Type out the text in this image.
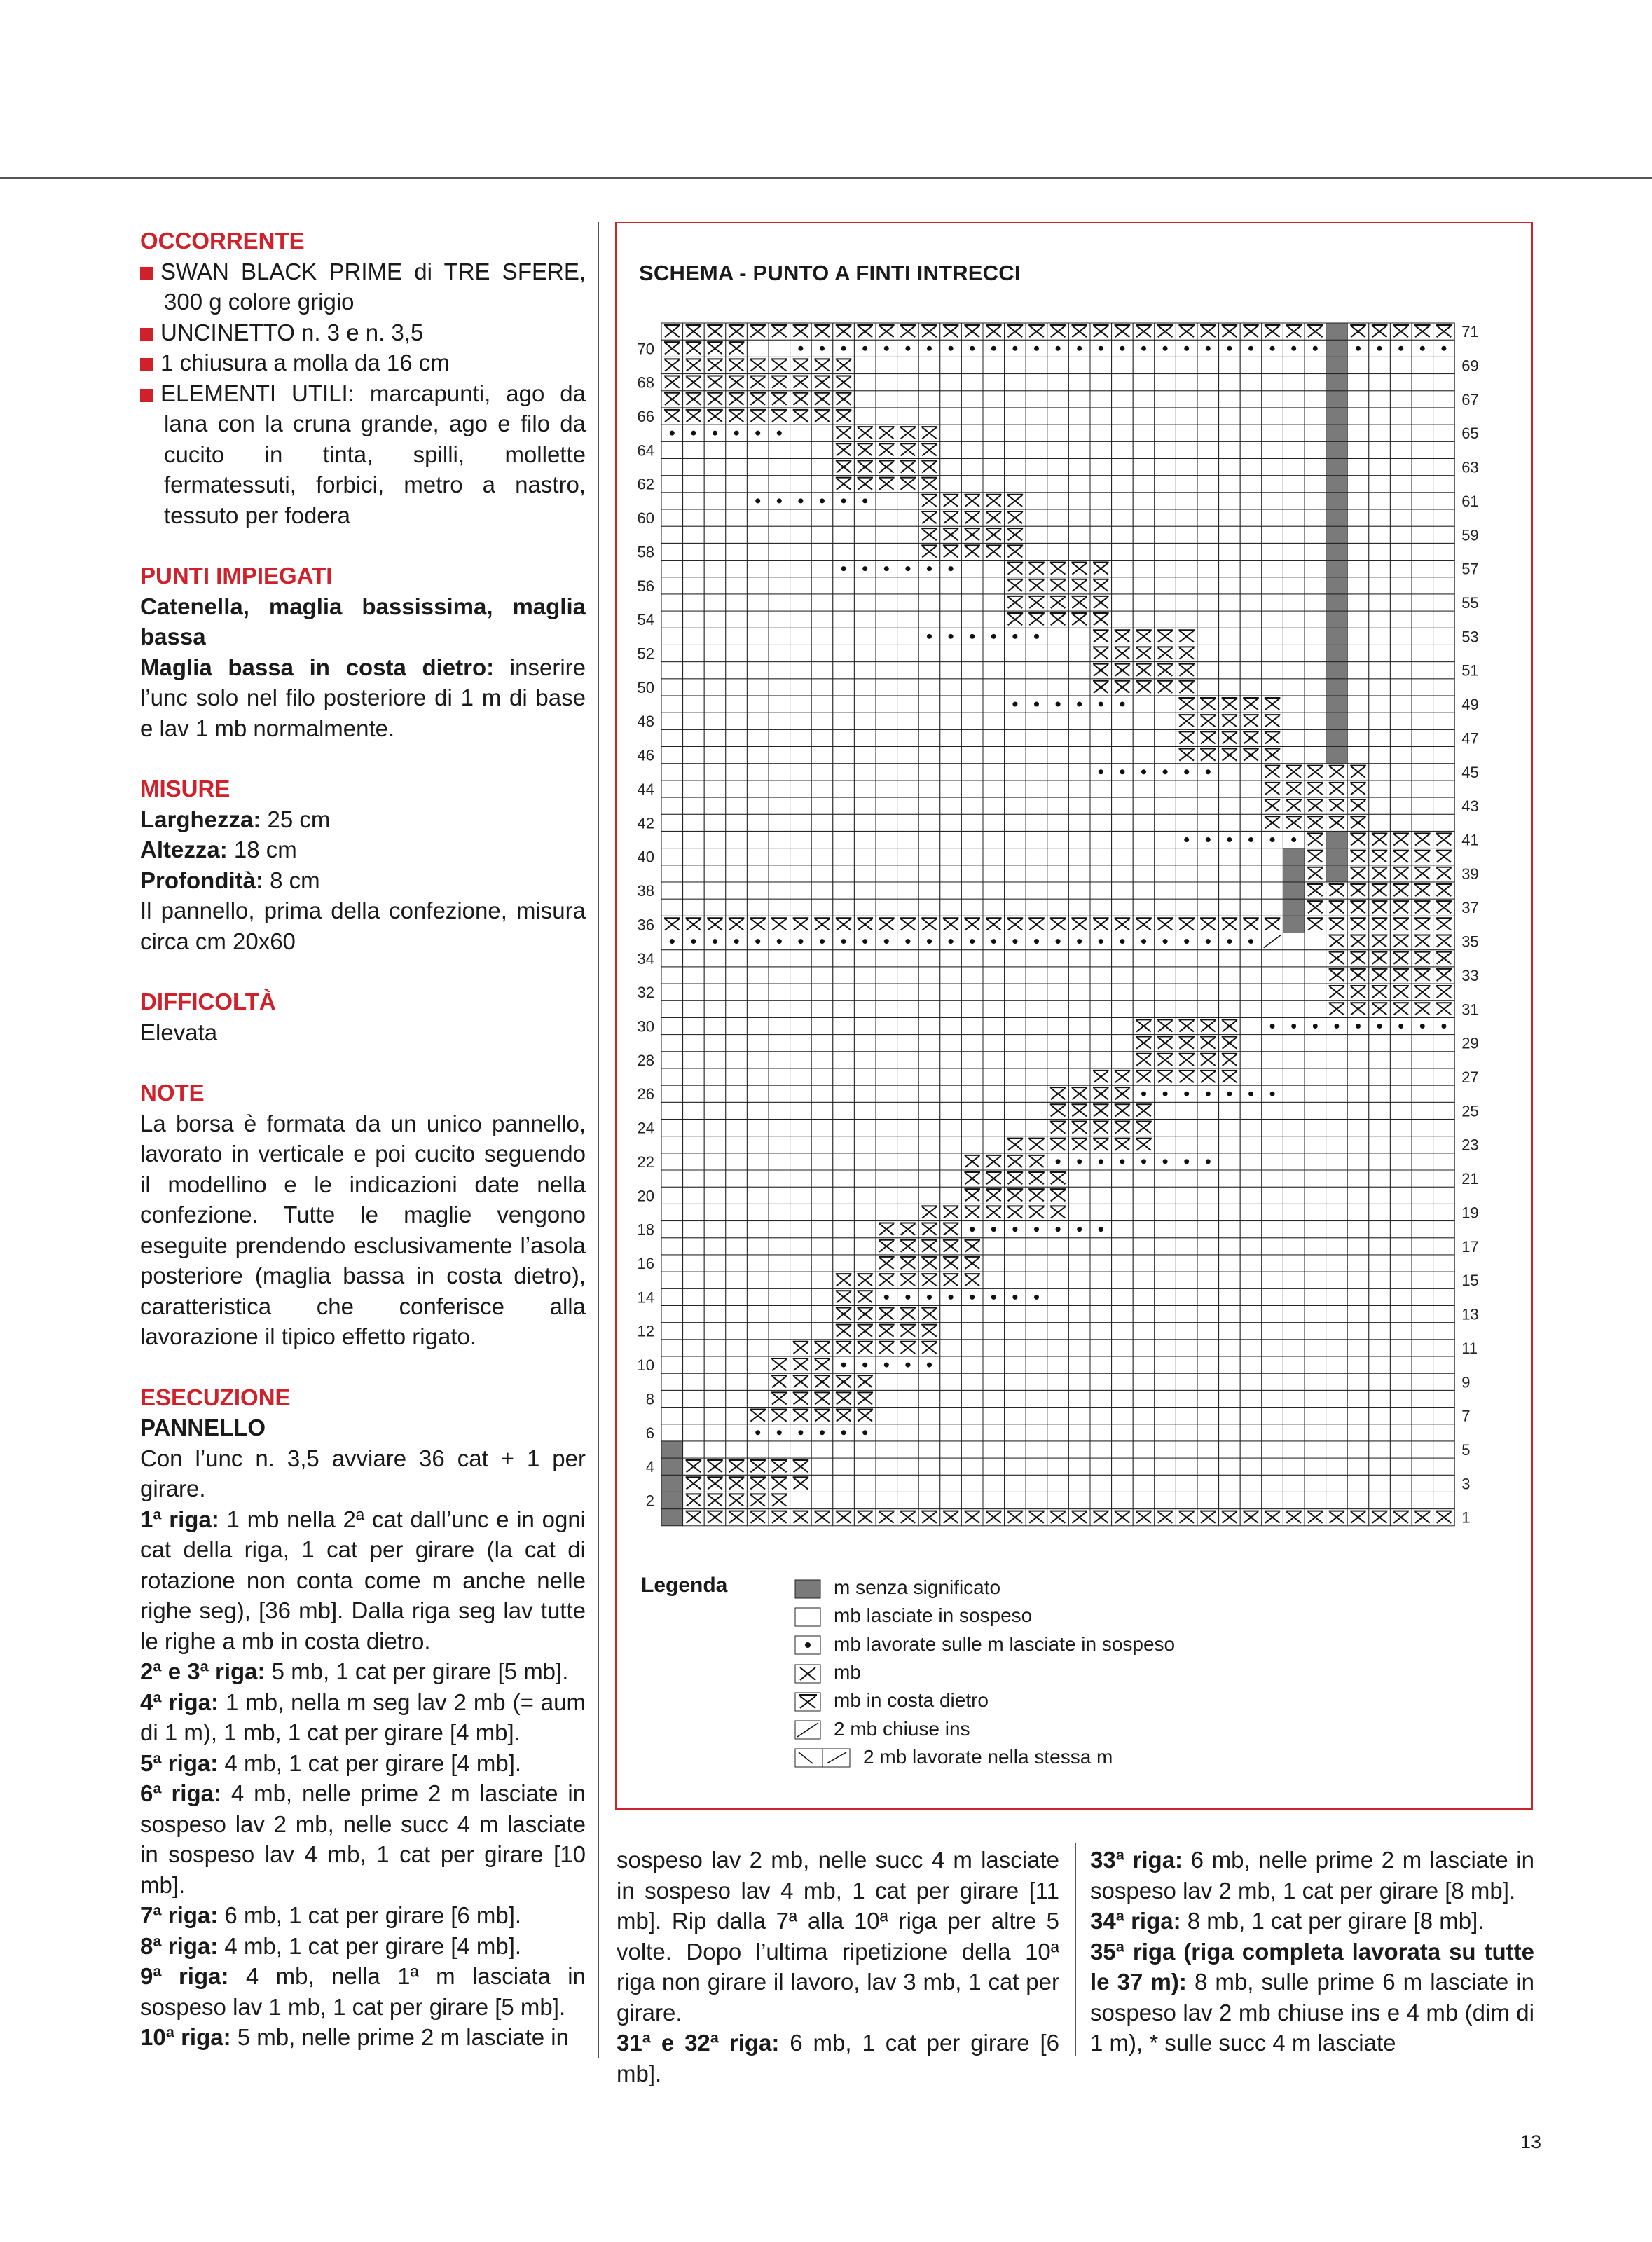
OCCORRENTE

SWAN BLACK PRIME di TRE SFERE, 300 g colore grigio

UNCINETTO n. 3 e n. 3,5

1 chiusura a molla da 16 cm

ELEMENTI UTILI: marcapunti, ago da lana con la cruna grande, ago e filo da cucito in tinta, spilli, mollette fermatessuti, forbici, metro a nastro, tessuto per fodera

PUNTI IMPIEGATI

Catenella, maglia bassissima, maglia bassa

Maglia bassa in costa dietro: inserire l’unc solo nel filo posteriore di 1 m di base e lav 1 mb normalmente.

MISURE

Larghezza: 25 cm

Altezza: 18 cm

Profondità: 8 cm

Il pannello, prima della confezione, misura circa cm 20x60

DIFFICOLTÀ

Elevata

NOTE

La borsa è formata da un unico pannello, lavorato in verticale e poi cucito seguendo il modellino e le indicazioni date nella confezione. Tutte le maglie vengono eseguite prendendo esclusivamente l’asola posteriore (maglia bassa in costa dietro), caratteristica che conferisce alla lavorazione il tipico effetto rigato.

ESECUZIONE

PANNELLO

Con l’unc n. 3,5 avviare 36 cat + 1 per girare.

1ª riga: 1 mb nella 2ª cat dall’unc e in ogni cat della riga, 1 cat per girare (la cat di rotazione non conta come m anche nelle righe seg), [36 mb]. Dalla riga seg lav tutte le righe a mb in costa dietro.

2ª e 3ª riga: 5 mb, 1 cat per girare [5 mb].

4ª riga: 1 mb, nella m seg lav 2 mb (= aum di 1 m), 1 mb, 1 cat per girare [4 mb].

5ª riga: 4 mb, 1 cat per girare [4 mb].

6ª riga: 4 mb, nelle prime 2 m lasciate in sospeso lav 2 mb, nelle succ 4 m lasciate in sospeso lav 4 mb, 1 cat per girare [10 mb].

7ª riga: 6 mb, 1 cat per girare [6 mb].

8ª riga: 4 mb, 1 cat per girare [4 mb].

9ª riga: 4 mb, nella 1ª m lasciata in sospeso lav 1 mb, 1 cat per girare [5 mb].

10ª riga: 5 mb, nelle prime 2 m lasciate in

SCHEMA - PUNTO A FINTI INTRECCI
1
2
3
4
5
6
7
8
9
10
11
12
13
14
15
16
17
18
19
20
21
22
23
24
25
26
27
28
29
30
31
32
33
34
35
36
37
38
39
40
41
42
43
44
45
46
47
48
49
50
51
52
53
54
55
56
57
58
59
60
61
62
63
64
65
66
67
68
69
70
71
Legenda	m senza significato
mb lasciate in sospeso
mb lavorate sulle m lasciate in sospeso
mb
mb in costa dietro
2 mb chiuse ins
2 mb lavorate nella stessa m

sospeso lav 2 mb, nelle succ 4 m lasciate in sospeso lav 4 mb, 1 cat per girare [11 mb]. Rip dalla 7ª alla 10ª riga per altre 5 volte. Dopo l’ultima ripetizione della 10ª riga non girare il lavoro, lav 3 mb, 1 cat per girare.

31ª e 32ª riga: 6 mb, 1 cat per girare [6 mb].

33ª riga: 6 mb, nelle prime 2 m lasciate in sospeso lav 2 mb, 1 cat per girare [8 mb].

34ª riga: 8 mb, 1 cat per girare [8 mb].

35ª riga (riga completa lavorata su tutte le 37 m): 8 mb, sulle prime 6 m lasciate in sospeso lav 2 mb chiuse ins e 4 mb (dim di 1 m), * sulle succ 4 m lasciate

13
